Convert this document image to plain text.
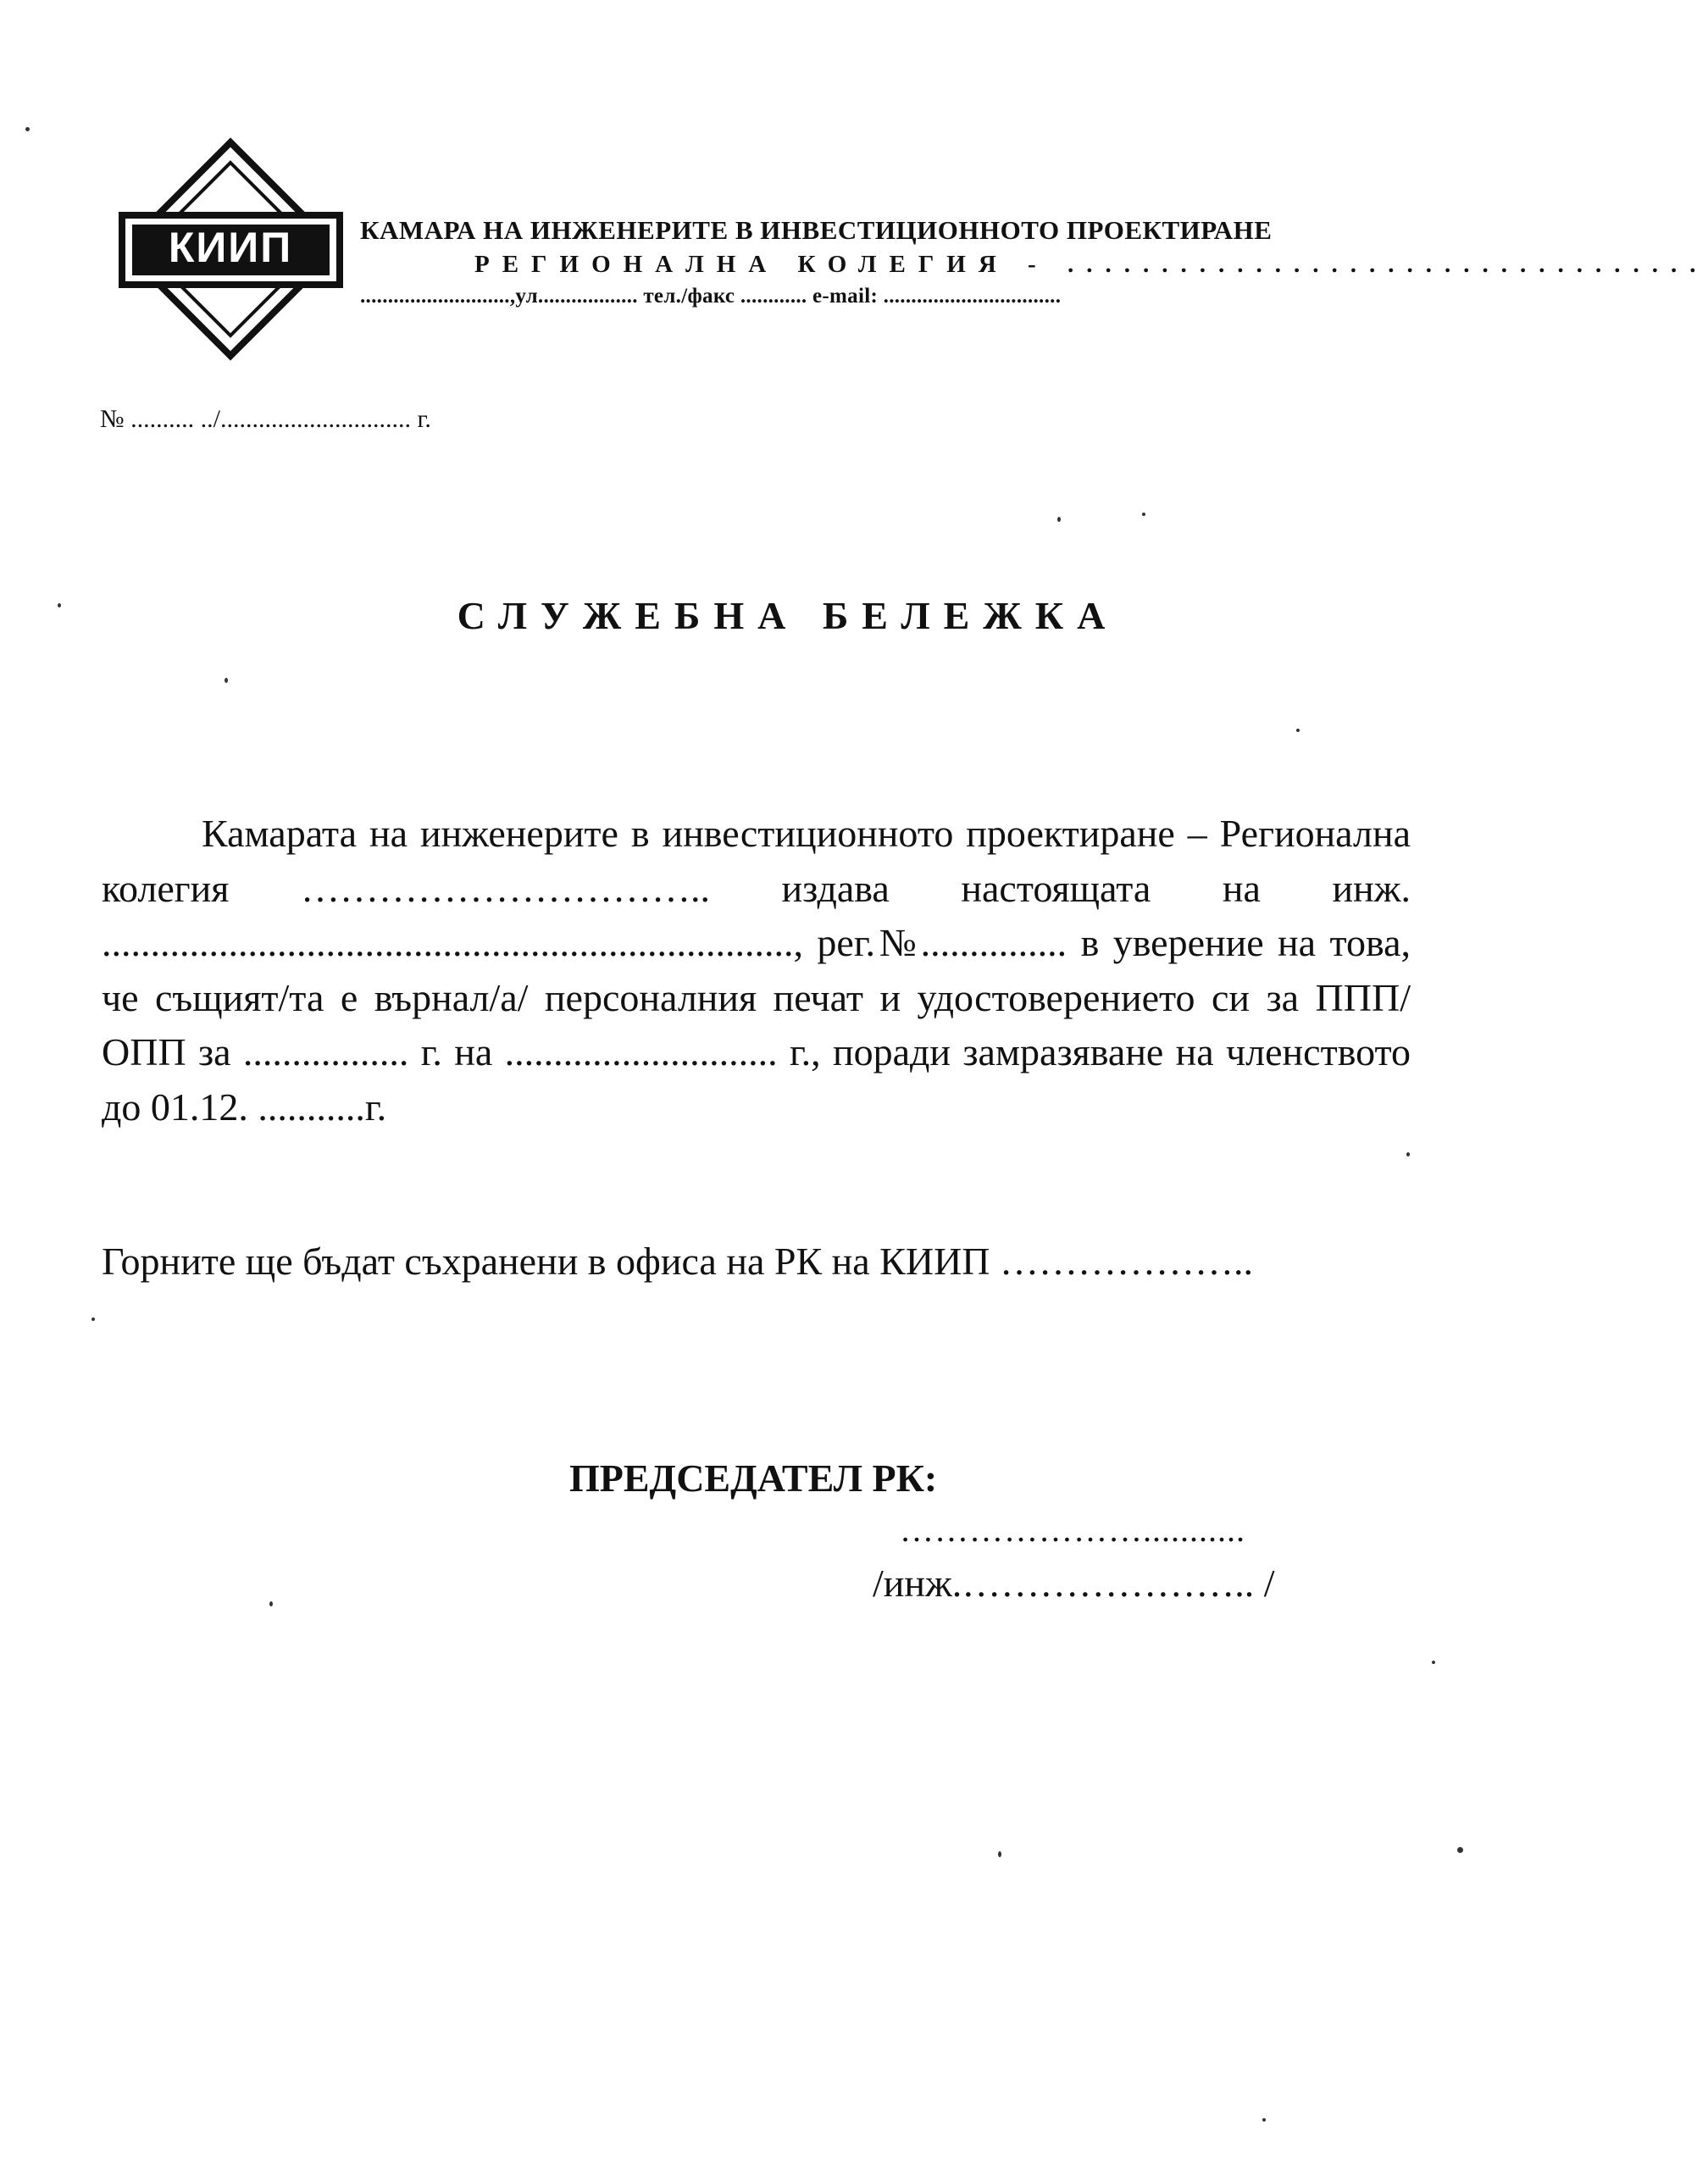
КИИП	КАМАРА НА ИНЖЕНЕРИТЕ В ИНВЕСТИЦИОННОТО ПРОЕКТИРАНЕ
РЕГИОНАЛНА КОЛЕГИЯ - ..................................
...........................,ул.................. тел./факс ............ e-mail: ................................
№ .......... ../.............................. г.
СЛУЖЕБНА БЕЛЕЖКА

Камарата на инженерите в инвестиционното проектиране – Регионална колегия ………………………….. издава настоящата на инж. ......................................................................., рег.№............... в уверение на това, че същият/та е върнал/а/ персоналния печат и удостоверението си за ППП/ОПП за ................. г. на ............................ г., поради замразяване на членството до 01.12. ...........г.

Горните ще бъдат съхранени в офиса на РК на КИИП ………………..

ПРЕДСЕДАТЕЛ РК:
…………………...........
/инж.………………….. /
